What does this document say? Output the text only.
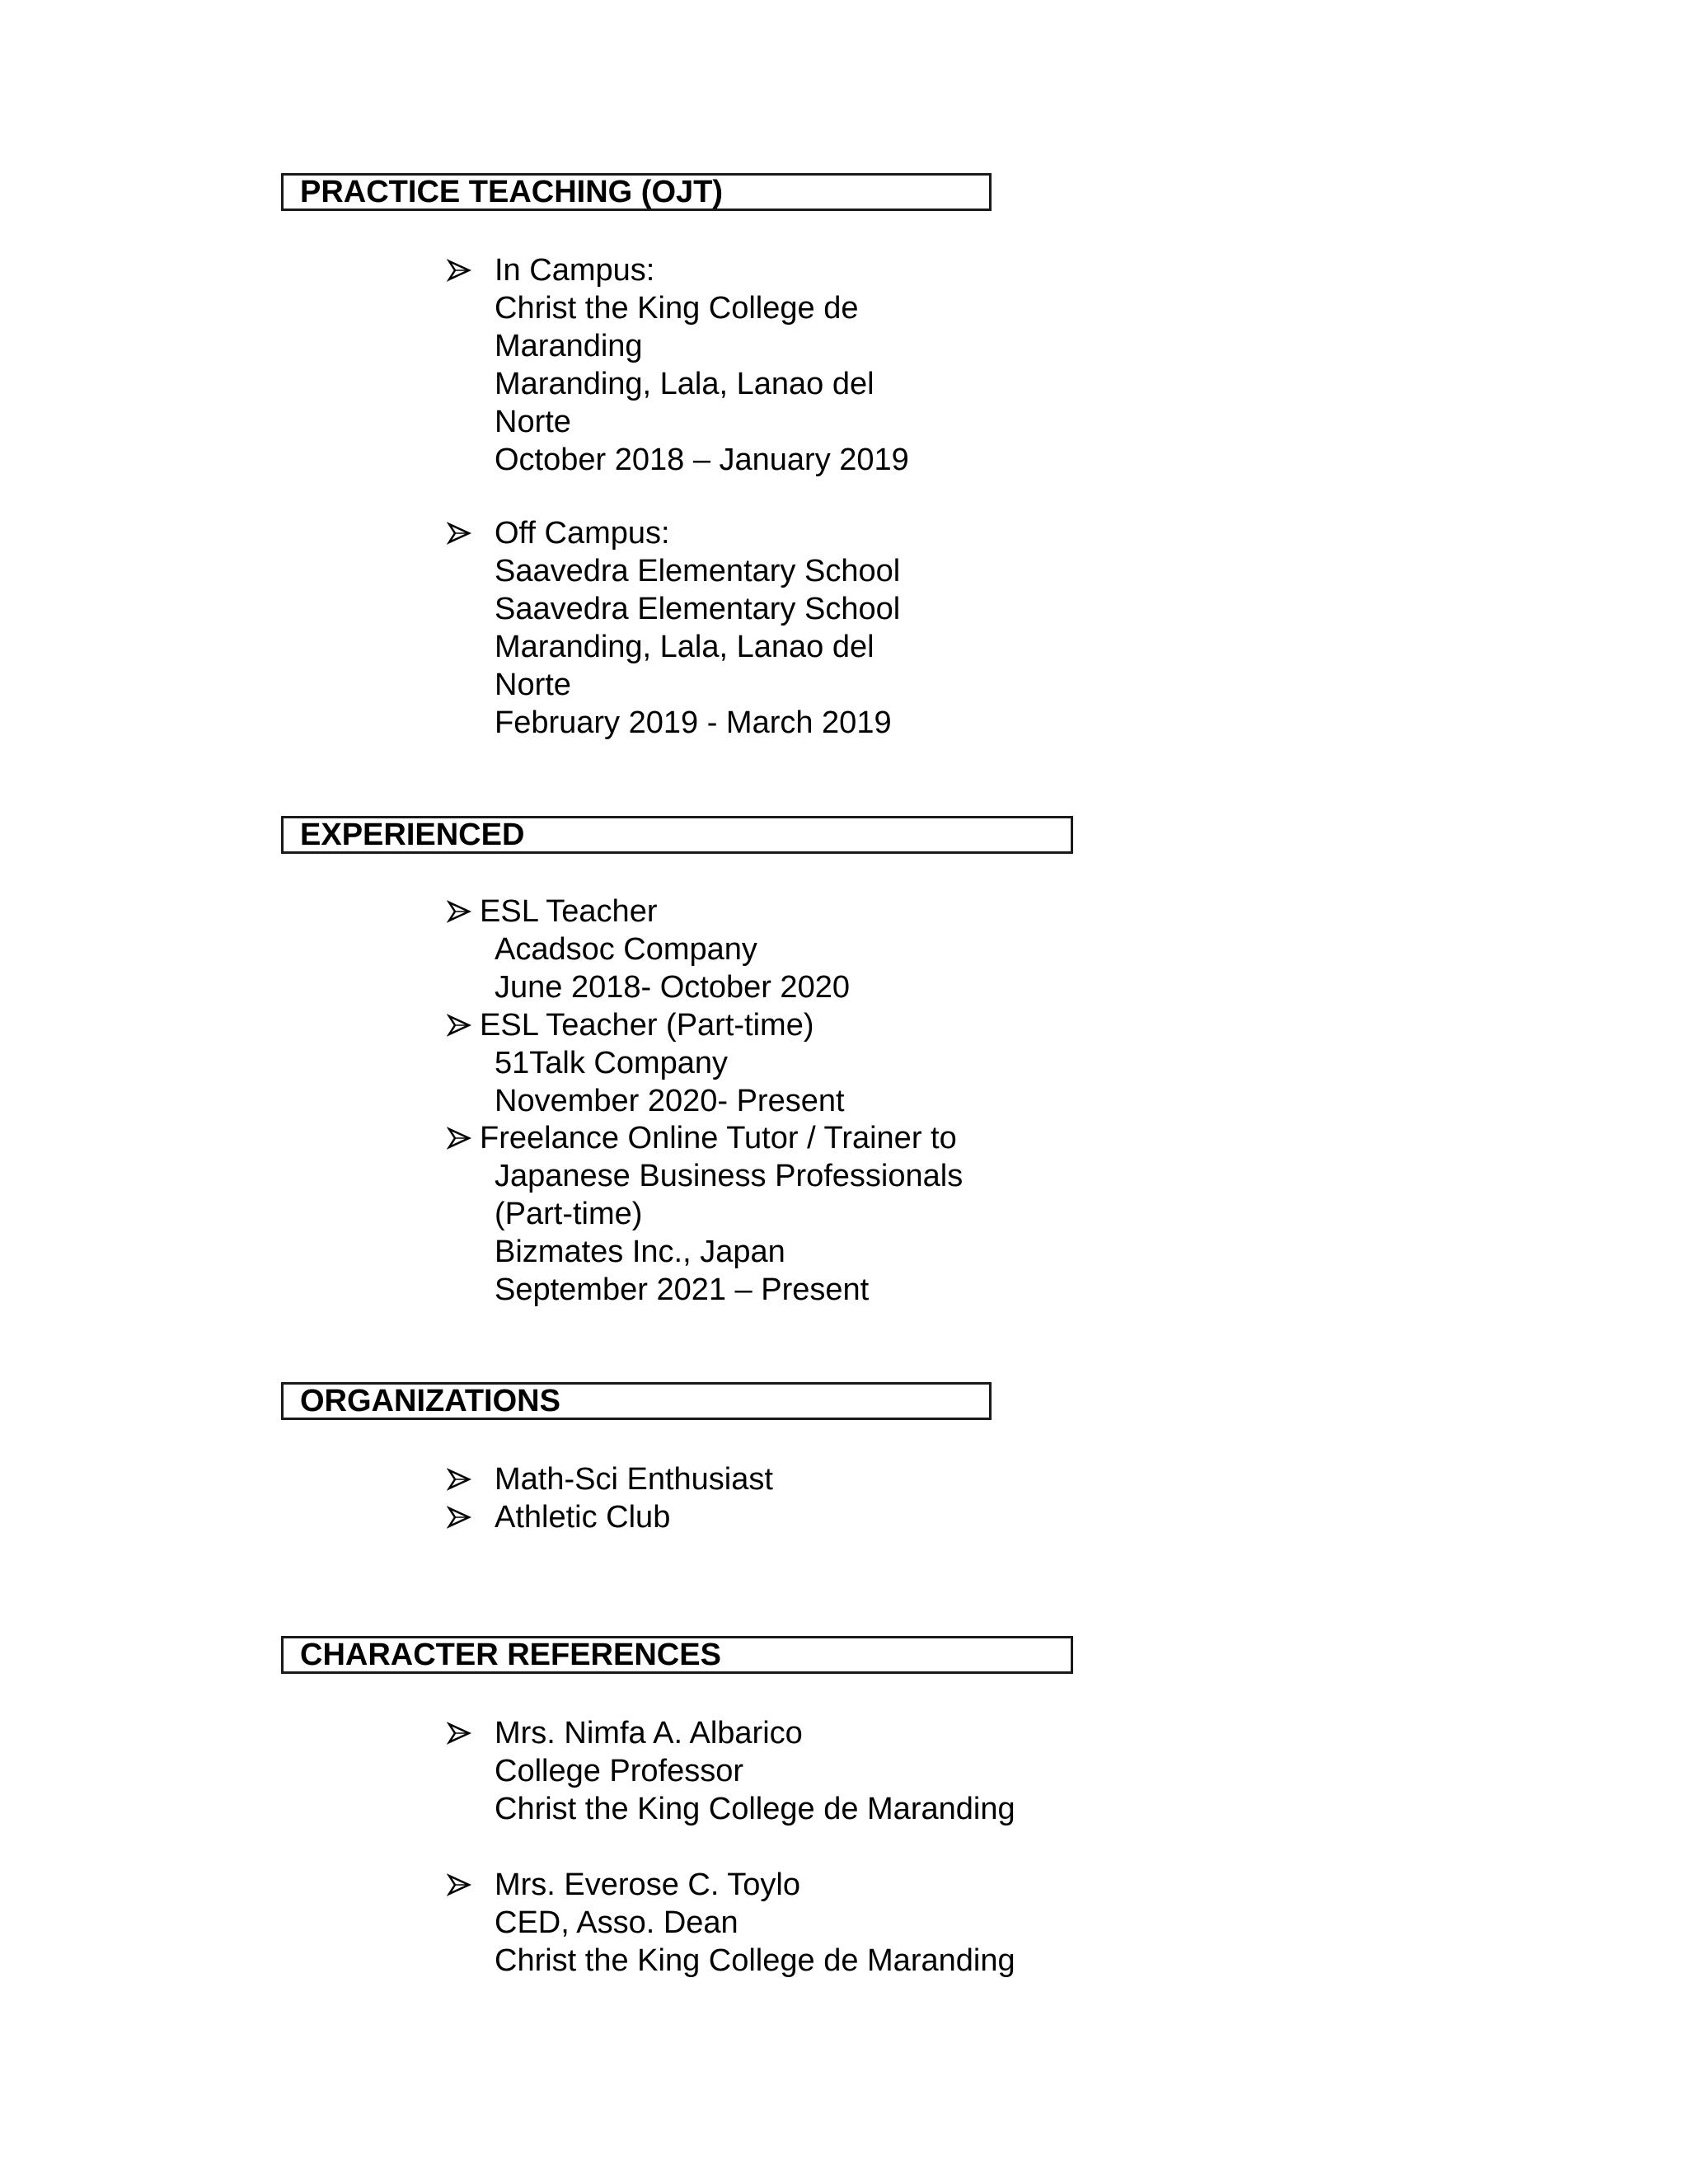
PRACTICE TEACHING (OJT)
In Campus:
Christ the King College de
Maranding
Maranding, Lala, Lanao del
Norte
October 2018 – January 2019
Off Campus:
Saavedra Elementary School
Saavedra Elementary School
Maranding, Lala, Lanao del
Norte
February 2019 - March 2019
EXPERIENCED
ESL Teacher
Acadsoc Company
June 2018- October 2020
ESL Teacher (Part-time)
51Talk Company
November 2020- Present
Freelance Online Tutor / Trainer to
Japanese Business Professionals
(Part-time)
Bizmates Inc., Japan
September 2021 – Present
ORGANIZATIONS
Math-Sci Enthusiast
Athletic Club
CHARACTER REFERENCES
Mrs. Nimfa A. Albarico
College Professor
Christ the King College de Maranding
Mrs. Everose C. Toylo
CED, Asso. Dean
Christ the King College de Maranding
